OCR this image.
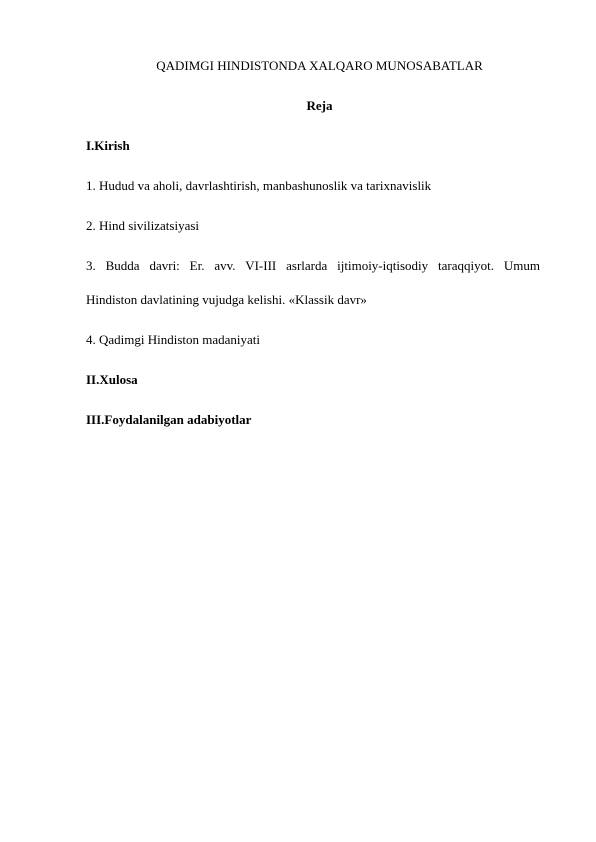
QADIMGI HINDISTONDA XALQARO MUNOSABATLAR
Reja
I.Kirish
1. Hudud va aholi, davrlashtirish, manbashunoslik va tarixnavislik
2. Hind sivilizatsiyasi
3. Budda davri: Er. avv. VI-III asrlarda ijtimoiy-iqtisodiy taraqqiyot. Umum
Hindiston davlatining vujudga kelishi. «Klassik davr»
4. Qadimgi Hindiston madaniyati
II.Xulosa
III.Foydalanilgan adabiyotlar
